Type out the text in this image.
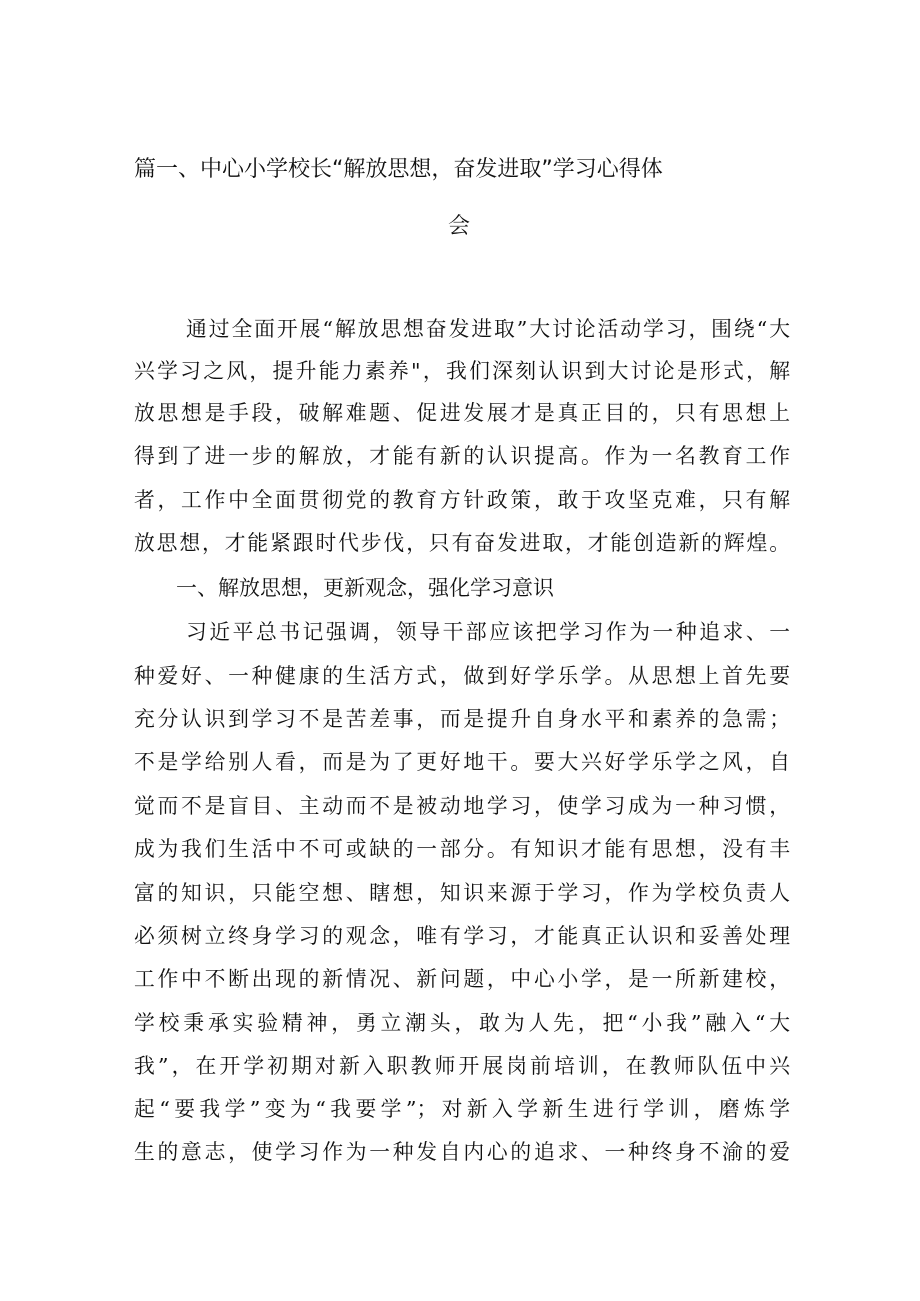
篇一、中心小学校长“解放思想，奋发进取”学习心得体
会
通过全面开展“解放思想奋发进取”大讨论活动学习，围绕“大
兴学习之风，提升能力素养"，我们深刻认识到大讨论是形式，解
放思想是手段，破解难题、促进发展才是真正目的，只有思想上
得到了进一步的解放，才能有新的认识提高。作为一名教育工作
者，工作中全面贯彻党的教育方针政策，敢于攻坚克难，只有解
放思想，才能紧跟时代步伐，只有奋发进取，才能创造新的辉煌。
一、解放思想，更新观念，强化学习意识
习近平总书记强调，领导干部应该把学习作为一种追求、一
种爱好、一种健康的生活方式，做到好学乐学。从思想上首先要
充分认识到学习不是苦差事，而是提升自身水平和素养的急需；
不是学给别人看，而是为了更好地干。要大兴好学乐学之风，自
觉而不是盲目、主动而不是被动地学习，使学习成为一种习惯，
成为我们生活中不可或缺的一部分。有知识才能有思想，没有丰
富的知识，只能空想、瞎想，知识来源于学习，作为学校负责人
必须树立终身学习的观念，唯有学习，才能真正认识和妥善处理
工作中不断出现的新情况、新问题，中心小学，是一所新建校，
学校秉承实验精神，勇立潮头，敢为人先，把“小我”融入“大
我”，在开学初期对新入职教师开展岗前培训，在教师队伍中兴
起“要我学”变为“我要学”；对新入学新生进行学训，磨炼学
生的意志，使学习作为一种发自内心的追求、一种终身不渝的爱
